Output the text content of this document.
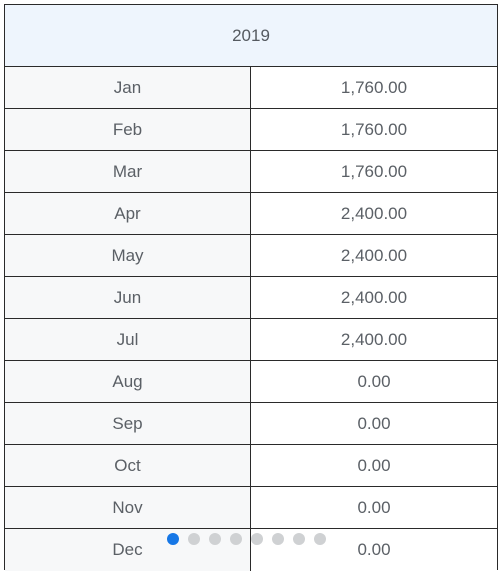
2019
Jan	1,760.00
Feb	1,760.00
Mar	1,760.00
Apr	2,400.00
May	2,400.00
Jun	2,400.00
Jul	2,400.00
Aug	0.00
Sep	0.00
Oct	0.00
Nov	0.00
Dec	0.00
